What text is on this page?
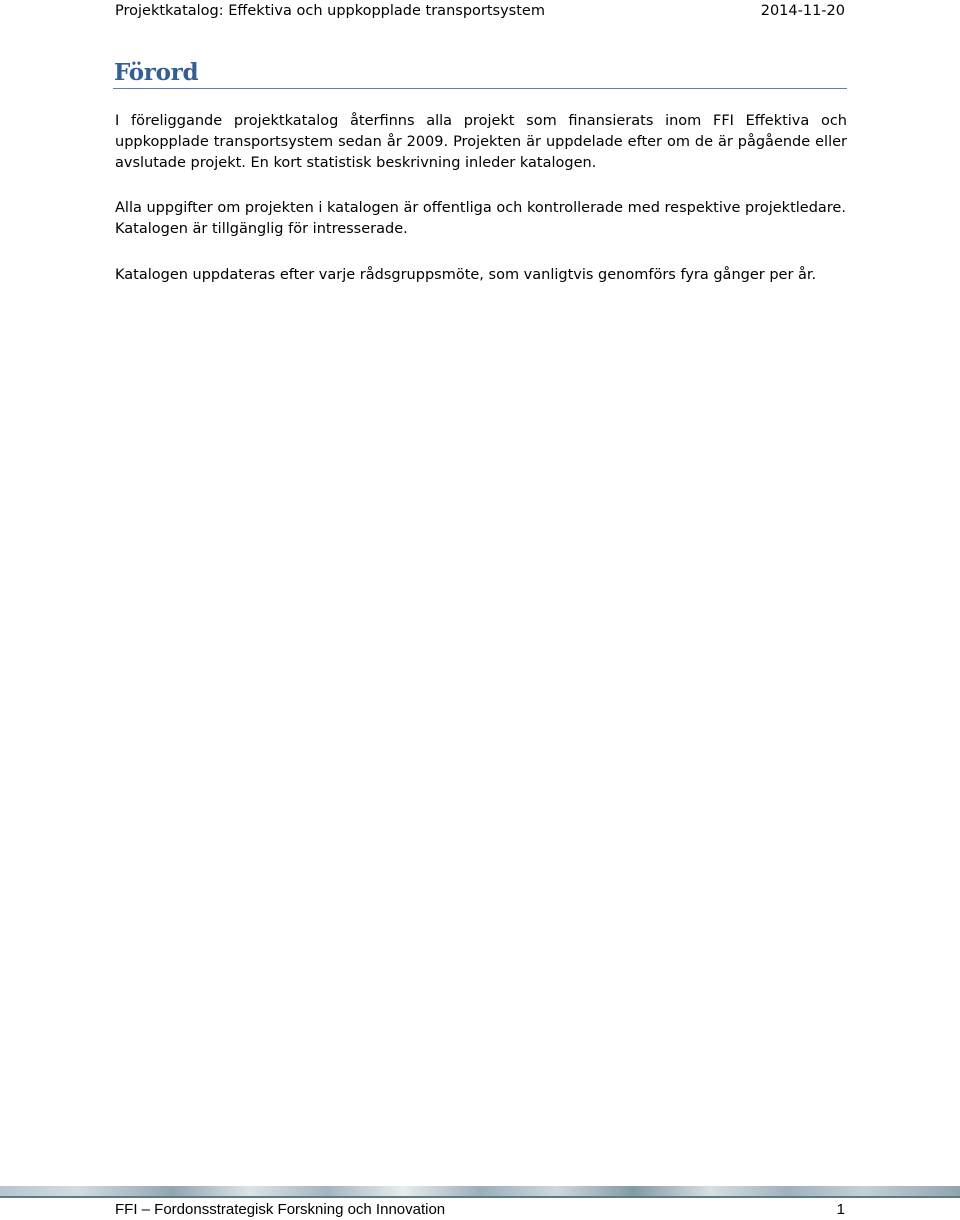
Projektkatalog: Effektiva och uppkopplade transportsystem	2014-11-20
Förord

I föreliggande projektkatalog återfinns alla projekt som finansierats inom FFI Effektiva och uppkopplade transportsystem sedan år 2009. Projekten är uppdelade efter om de är pågående eller avslutade projekt. En kort statistisk beskrivning inleder katalogen.

Alla uppgifter om projekten i katalogen är offentliga och kontrollerade med respektive projektledare. Katalogen är tillgänglig för intresserade.

Katalogen uppdateras efter varje rådsgruppsmöte, som vanligtvis genomförs fyra gånger per år.

FFI – Fordonsstrategisk Forskning och Innovation	1
